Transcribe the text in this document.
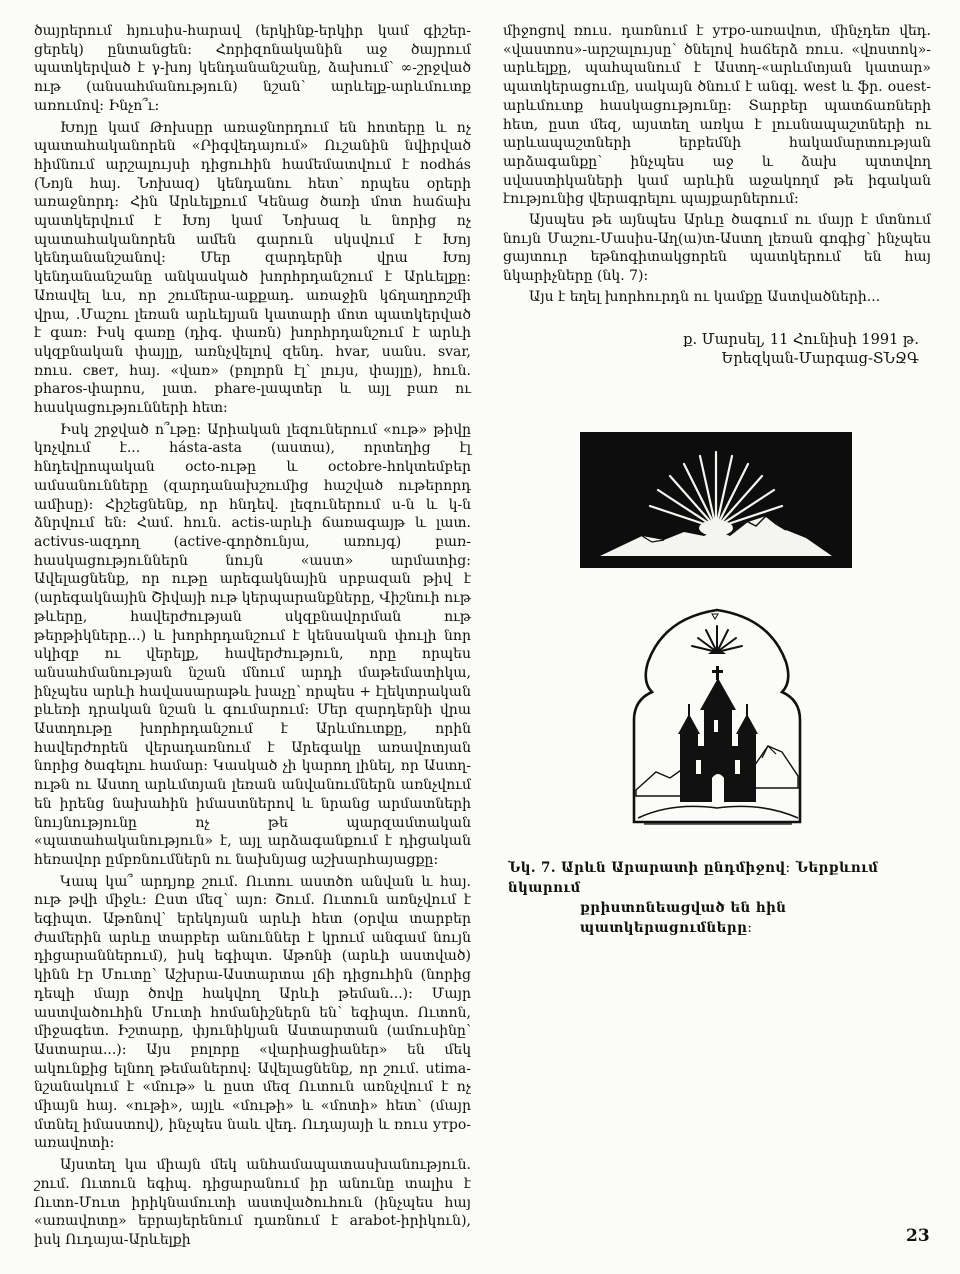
ծայրերում հյուսիս-հարավ (երկինք-երկիր կամ գիշեր-ցերեկ) ընտանցեն։ Հորիզոնականին աջ ծայրում պատկերված է γ-խոյ կենդանանշանը, ձախում՝ ∞-շրջված ութ (անսահմանություն) նշան՝ արևելք-արևմուտք առումով։ Ինչո՞ւ։

Խոյը կամ Թոխսըր առաջնորդում են հոտերը և ոչ պատահականորեն «Րիգվեդայում» Ուշանին նվիրված հիմնում արշալույսի դիցուհին համեմատվում է nodhás (Նոյն հայ. Նոխազ) կենդանու հետ՝ որպես օրերի առաջնորդ։ Հին Արևելքում Կենաց ծառի մոտ հաճախ պատկերվում է Խոյ կամ Նոխազ և նորից ոչ պատահականորեն ամեն գարուն սկսվում է Խոյ կենդանանշանով։ Մեր զարդերնի վրա Խոյ կենդանանշանը անկասկած խորհրդանշում է Արևելքը։ Առավել ևս, որ շումերա-աքքադ. առաջին կճղաղրոշմի վրա, ․Մաշու լեռան արևելյան կատարի մոտ պատկերված է գառ։ Իսկ գառը (դիգ. փառն) խորհրդանշում է արևի սկզբնական փայլը, առնչվելով զենդ. hvar, սանս. svar, ռուս. свет, հայ. «վառ» (բոլորն էլ՝ լույս, փայլը), հուն. pharos-փարոս, լատ. phare-լապտեր և այլ բառ ու հասկացությունների հետ։

Իսկ շրջված ո՞ւթը։ Արիական լեզուներում «ութ» թիվը կոչվում է... hásta-asta (աստա), որտեղից էլ հնդեվրոպական octo-ութը և octobre-հոկտեմբեր ամսանունները (զարդանախշումից հաշված ութերորդ ամիսը)։ Հիշեցնենք, որ հնդեվ. լեզուներում ս-ն և կ-ն ձնրվում են։ Համ. հուն. actis-արևի ճառագայթ և լատ. activus-ազդող (active-գործունյա, առույգ) բառ-հասկացություններն նույն «աստ» արմատից։ Ավելացնենք, որ ութը արեգակնային սրբազան թիվ է (արեգակնային Շիվայի ութ կերպարանքները, Վիշնուի ութ թևերը, հավերժության սկզբնավորման ութ թերթիկները...) և խորհրդանշում է կենսական փուլի նոր սկիզբ ու վերելք, հավերժություն, որը որպես անսահմանության նշան մնում արդի մաթեմատիկա, ինչպես արևի հավասարաթև խաչը՝ որպես + էլեկտրական բևեռի դրական նշան և գումարում։ Մեր զարդերնի վրա Աստղութը խորհրդանշում է Արևմուտքը, որին հավերժորեն վերադառնում է Արեգակը առավոտյան նորից ծագելու համար։ Կասկած չի կարող լինել, որ Աստղ-ութն ու Աստղ արևմտյան լեռան անվանումներն առնչվում են իրենց նախահին իմաստներով և նրանց արմատների նույնությունը ոչ թե պարզամտական «պատահականություն» է, այլ արձագանքում է դիցական հեռավոր ըմբռնումներն ու նախնյաց աշխարհայացքը։

Կապ կա՞ արդյոք շում. Ուտու աստծո անվան և հայ. ութ թվի միջև։ Ըստ մեզ՝ այո։ Շում. Ուտուն առնչվում է եգիպտ. Աթոնով՝ երեկոյան արևի հետ (օրվա տարբեր ժամերին արևը տարբեր անուններ է կրում անգամ նույն դիցարաններում), իսկ եգիպտ. Աթոնի (արևի աստված) կինն էր Մուտը՝ Աշխրա-Աստարտա լճի դիցուհին (նորից դեպի մայր ծովը հակվող Արևի թեման...)։ Մայր աստվածուհին Մուտի հոմանիշներն են՝ եգիպտ. Ուտոն, միջագետ. Իշտարը, փյունիկյան Աստարտան (ամուսինը՝ Աստարա...)։ Այս բոլորը «վարիացիաներ» են մեկ ակունքից ելնող թեմաներով։ Ավելացնենք, որ շում. utima-նշանակում է «մութ» և ըստ մեզ Ուտուն առնչվում է ոչ միայն հայ. «ութի», այլև «մութի» և «մոտի» հետ՝ (մայր մտնել իմաստով), ինչպես նաև վեդ. Ուդայայի և ռուս утро-առավոտի։

Այստեղ կա միայն մեկ անհամապատասխանություն. շում. Ուտուն եգիպ. դիցարանում իր անունը տալիս է Ուտո-Մուտ իրիկնամուտի աստվածուհուն (ինչպես հայ «առավոտը» եբրայերենում դառնում է arabot-իրիկուն), իսկ Ուդայա-Արևելքի

միջոցով ռուս. դառնում է утро-առավոտ, մինչդեռ վեդ. «վաստոս»-արշալույսը՝ ծնելով հաճերձ ռուս. «վոստոկ»-արևելքը, պահպանում է Աստղ-«արևմտյան կատար» պատկերացումը, սակայն ծնում է անգլ. west և ֆր. ouest-արևմուտք հասկացությունը։ Տարբեր պատճառների հետ, ըստ մեզ, այստեղ առկա է լուսնապաշտների ու արևապաշտների երբեմնի հակամարտության արձագանքը՝ ինչպես աջ և ձախ պտտվող սվաստիկաների կամ արևին աջակողմ թե իգական էությունից վերագրելու պայքարներում։

Այսպես թե այնպես Արևը ծագում ու մայր է մտնում նույն Մաշու-Մասիս-Աղ(ա)տ-Աստղ լեռան գոգից՝ ինչպես ցայտուր եթնոգիտակցորեն պատկերում են հայ նկարիչները (նկ. 7)։

Այս է եղել խորհուրդն ու կամքը Աստվածների...

ք. Մարսել, 11 Հունիսի 1991 թ.

Երեզկան-Մարգաց-ՏՆՋԳ

Նկ. 7. Արևն Արարատի ընդմիջով։ Ներքևում նկարում
քրիստոնեացված են հին պատկերացումները։
23
